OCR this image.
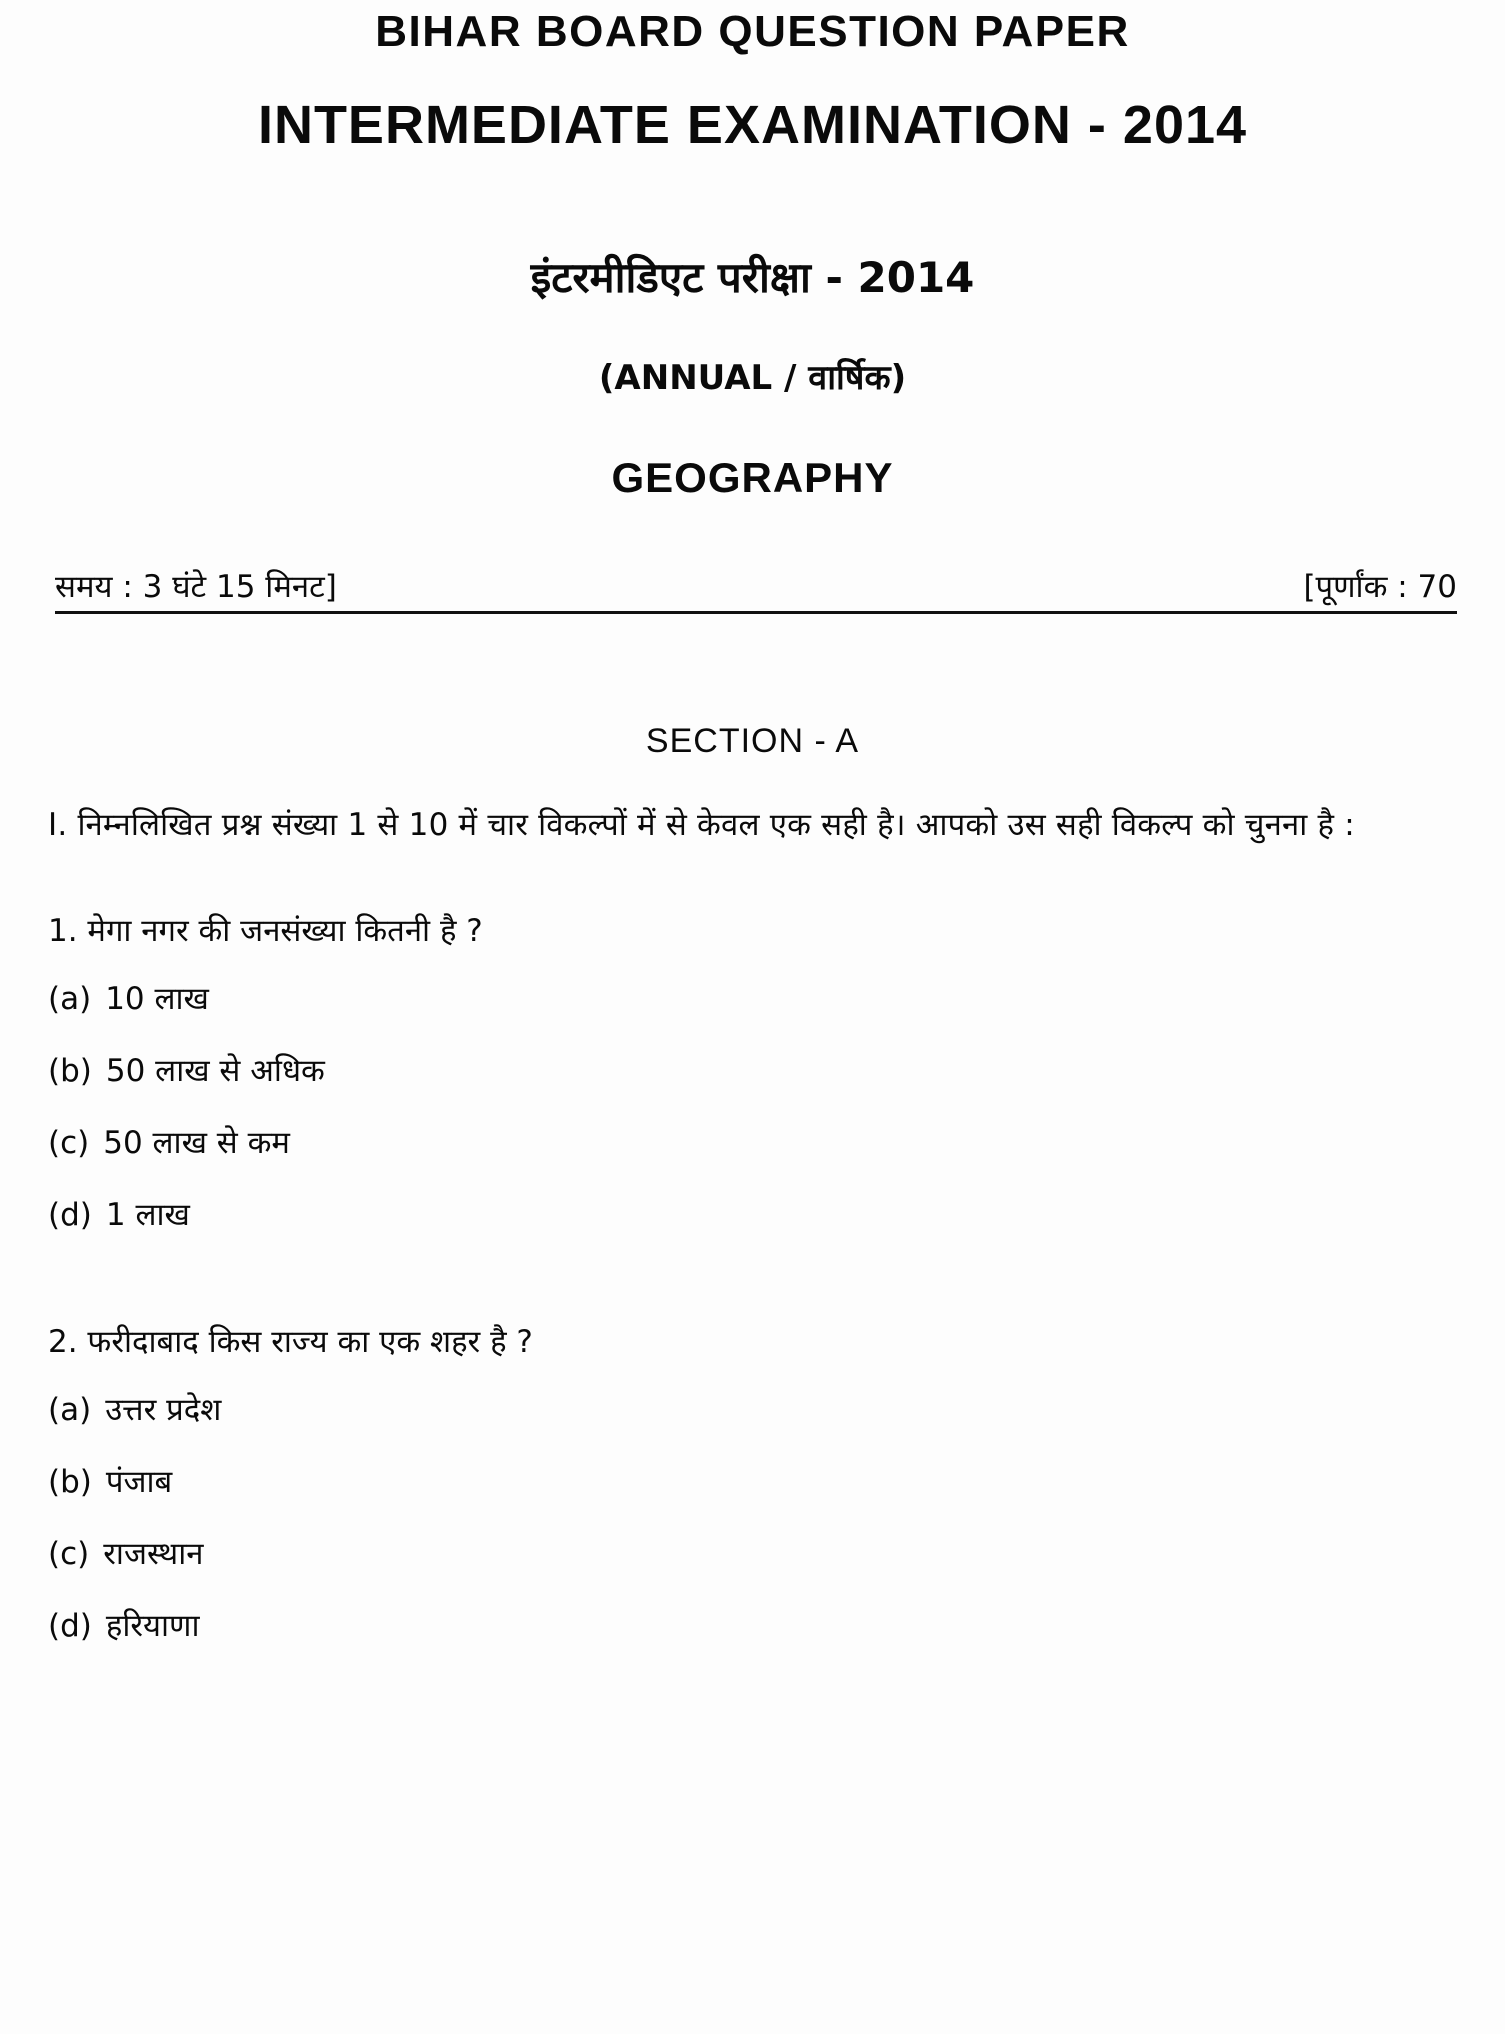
BIHAR BOARD QUESTION PAPER
INTERMEDIATE EXAMINATION - 2014
इंटरमीडिएट परीक्षा - 2014
(ANNUAL / वार्षिक)
GEOGRAPHY
समय : 3 घंटे 15 मिनट]	[पूर्णांक : 70
SECTION - A

I. निम्नलिखित प्रश्न संख्या 1 से 10 में चार विकल्पों में से केवल एक सही है। आपको उस सही विकल्प को चुनना है :

1. मेगा नगर की जनसंख्या कितनी है ?

(a) 10 लाख
(b) 50 लाख से अधिक
(c) 50 लाख से कम
(d) 1 लाख

2. फरीदाबाद किस राज्य का एक शहर है ?

(a) उत्तर प्रदेश
(b) पंजाब
(c) राजस्थान
(d) हरियाणा
